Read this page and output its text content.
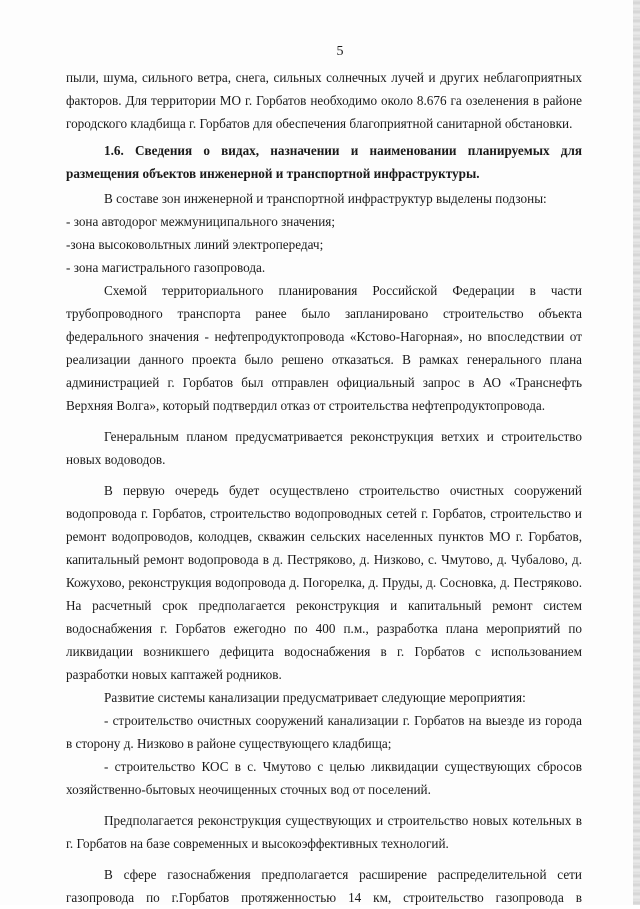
5

пыли, шума, сильного ветра, снега, сильных солнечных лучей и других неблагоприятных факторов. Для территории МО г. Горбатов необходимо около 8.676 га озеленения в районе городского кладбища г. Горбатов для обеспечения благоприятной санитарной обстановки.

1.6. Сведения о видах, назначении и наименовании планируемых для размещения объектов инженерной и транспортной инфраструктуры.

В составе зон инженерной и транспортной инфраструктур выделены подзоны:

- зона автодорог межмуниципального значения;

-зона высоковольтных линий электропередач;

- зона магистрального газопровода.

Схемой территориального планирования Российской Федерации в части трубопроводного транспорта ранее было запланировано строительство объекта федерального значения - нефтепродуктопровода «Кстово-Нагорная», но впоследствии от реализации данного проекта было решено отказаться. В рамках генерального плана администрацией г. Горбатов был отправлен официальный запрос в АО «Транснефть Верхняя Волга», который подтвердил отказ от строительства нефтепродуктопровода.

Генеральным планом предусматривается реконструкция ветхих и строительство новых водоводов.

В первую очередь будет осуществлено строительство очистных сооружений водопровода г. Горбатов, строительство водопроводных сетей г. Горбатов, строительство и ремонт водопроводов, колодцев, скважин сельских населенных пунктов МО г. Горбатов, капитальный ремонт водопровода в д. Пестряково, д. Низково, с. Чмутово, д. Чубалово, д. Кожухово, реконструкция водопровода д. Погорелка, д. Пруды, д. Сосновка, д. Пестряково. На расчетный срок предполагается реконструкция и капитальный ремонт систем водоснабжения г. Горбатов ежегодно по 400 п.м., разработка плана мероприятий по ликвидации возникшего дефицита водоснабжения в г. Горбатов с использованием разработки новых каптажей родников.

Развитие системы канализации предусматривает следующие мероприятия:

- строительство очистных сооружений канализации г. Горбатов на выезде из города в сторону д. Низково в районе существующего кладбища;

- строительство КОС в с. Чмутово с целью ликвидации существующих сбросов хозяйственно-бытовых неочищенных сточных вод от поселений.

Предполагается реконструкция существующих и строительство новых котельных в г. Горбатов на базе современных и высокоэффективных технологий.

В сфере газоснабжения предполагается расширение распределительной сети газопровода по г.Горбатов протяженностью 14 км, строительство газопровода в
